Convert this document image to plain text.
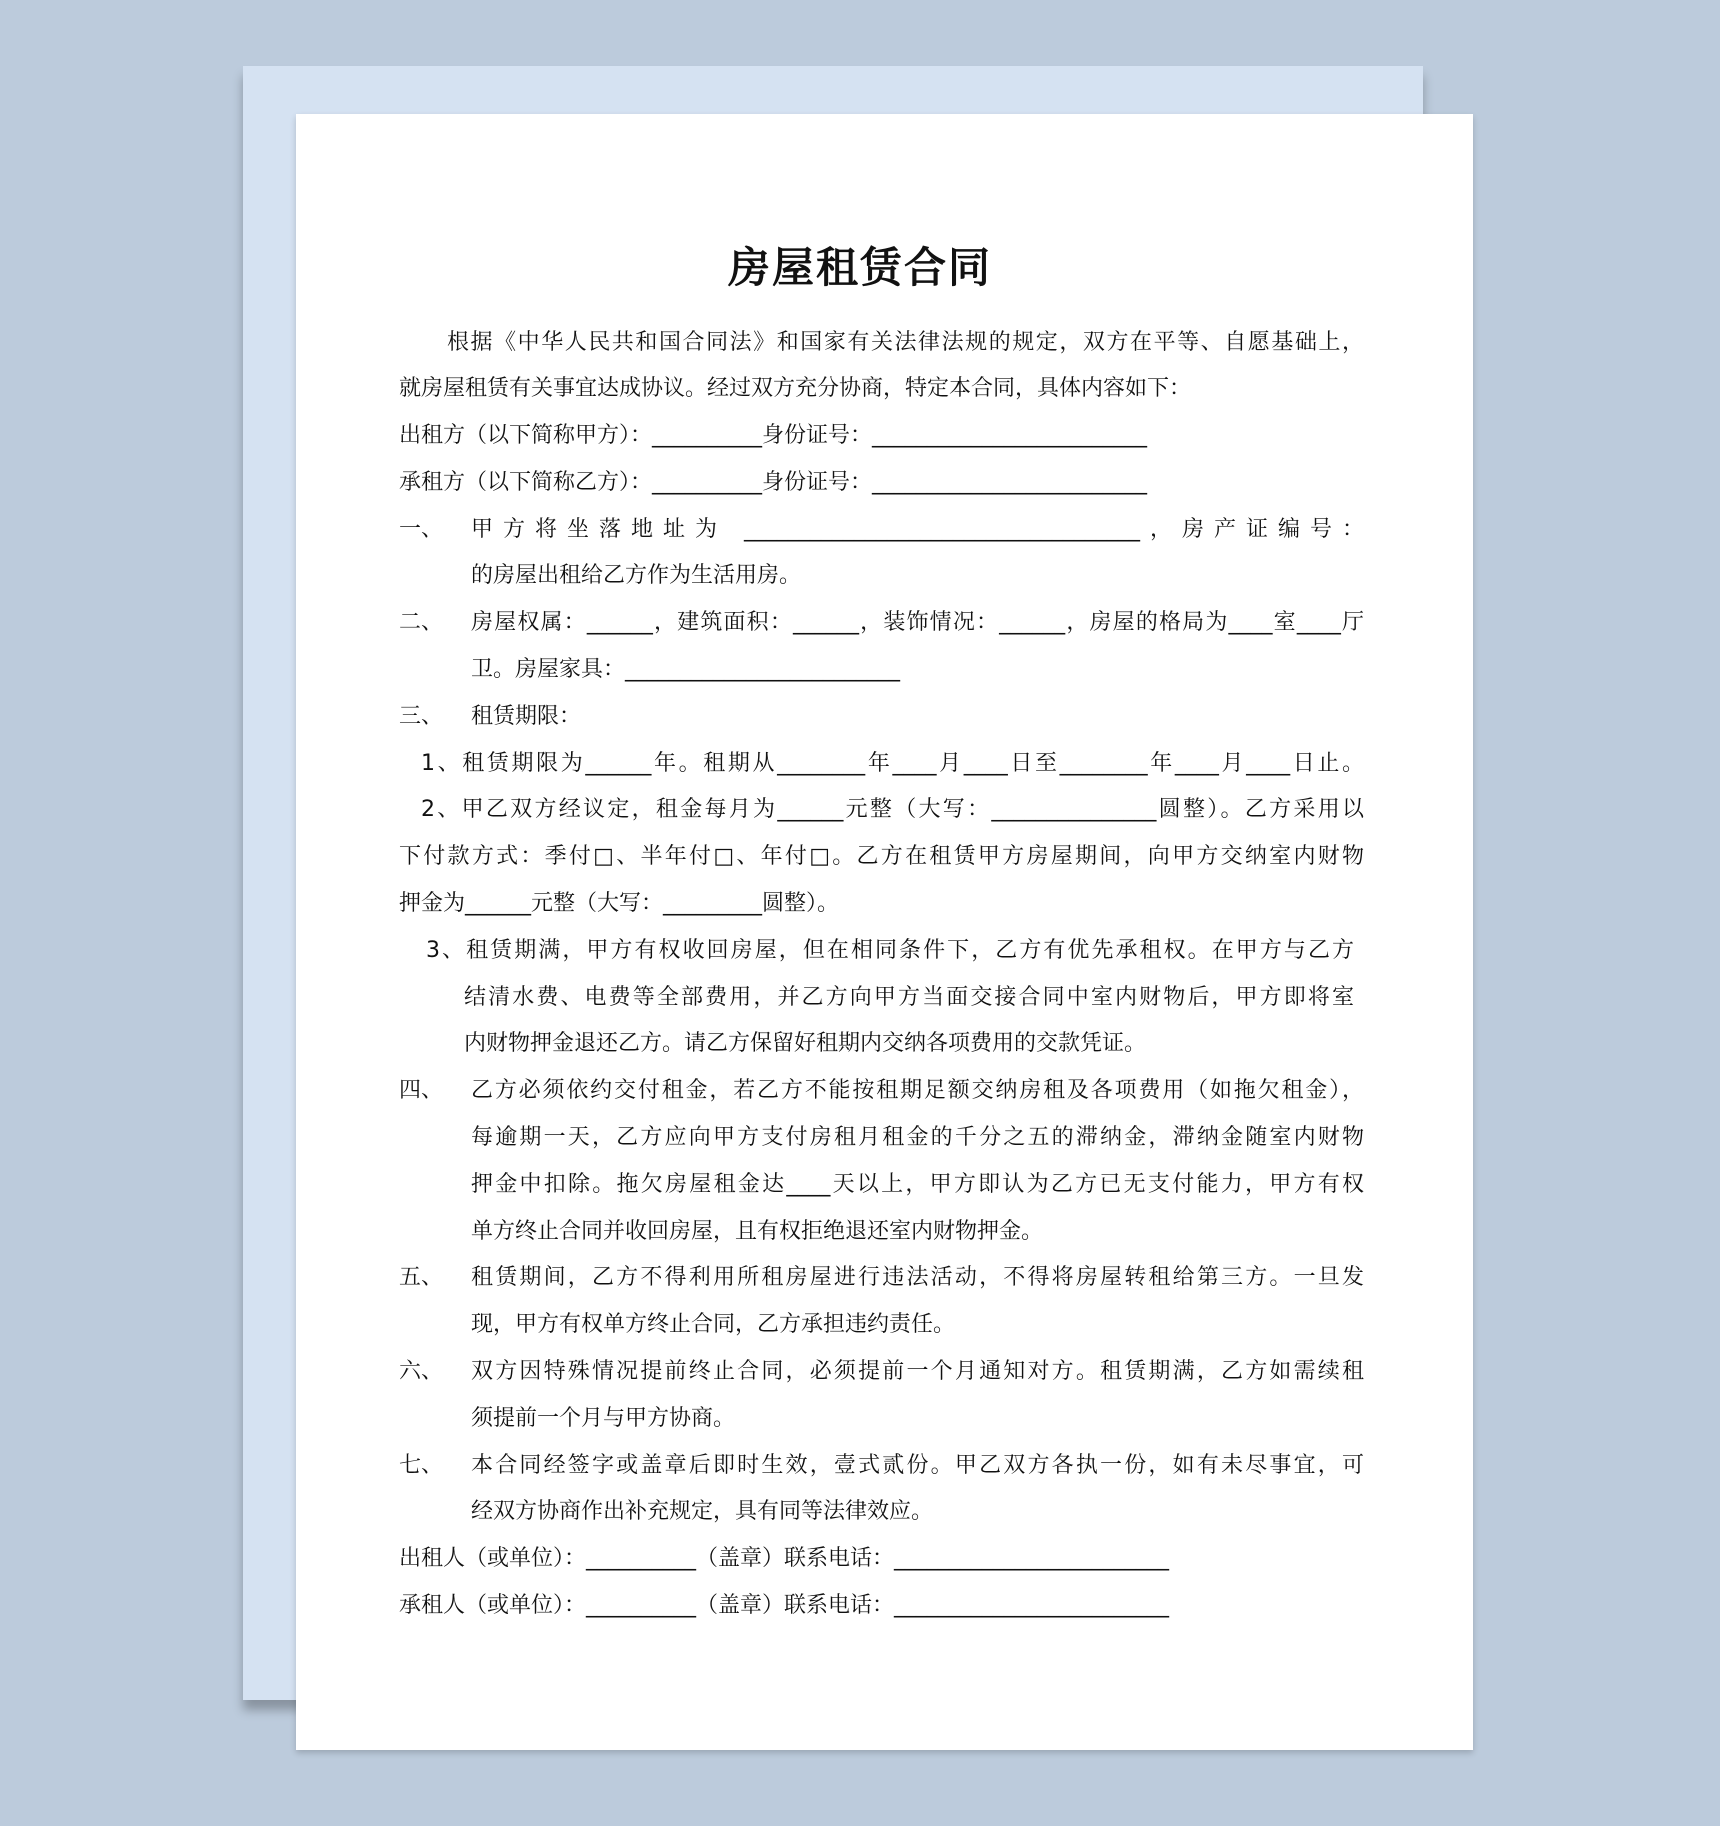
房屋租赁合同
根据《中华人民共和国合同法》和国家有关法律法规的规定，双方在平等、自愿基础上，
就房屋租赁有关事宜达成协议。经过双方充分协商，特定本合同，具体内容如下：
出租方（以下简称甲方）：__________身份证号：_________________________
承租方（以下简称乙方）：__________身份证号：_________________________
一、 甲方将坐落地址为 ____________________________________，房产证编号：
的房屋出租给乙方作为生活用房。
二、 房屋权属：______，建筑面积：______，装饰情况：______，房屋的格局为____室____厅
卫。房屋家具：_________________________
三、 租赁期限：
1、租赁期限为______年。租期从________年____月____日至________年____月____日止。
2、甲乙双方经议定，租金每月为______元整（大写：_______________圆整）。乙方采用以
下付款方式：季付□、半年付□、年付□。乙方在租赁甲方房屋期间，向甲方交纳室内财物
押金为______元整（大写：_________圆整）。
3、租赁期满，甲方有权收回房屋，但在相同条件下，乙方有优先承租权。在甲方与乙方
结清水费、电费等全部费用，并乙方向甲方当面交接合同中室内财物后，甲方即将室
内财物押金退还乙方。请乙方保留好租期内交纳各项费用的交款凭证。
四、 乙方必须依约交付租金，若乙方不能按租期足额交纳房租及各项费用（如拖欠租金），
每逾期一天，乙方应向甲方支付房租月租金的千分之五的滞纳金，滞纳金随室内财物
押金中扣除。拖欠房屋租金达____天以上，甲方即认为乙方已无支付能力，甲方有权
单方终止合同并收回房屋，且有权拒绝退还室内财物押金。
五、 租赁期间，乙方不得利用所租房屋进行违法活动，不得将房屋转租给第三方。一旦发
现，甲方有权单方终止合同，乙方承担违约责任。
六、 双方因特殊情况提前终止合同，必须提前一个月通知对方。租赁期满，乙方如需续租
须提前一个月与甲方协商。
七、 本合同经签字或盖章后即时生效，壹式贰份。甲乙双方各执一份，如有未尽事宜，可
经双方协商作出补充规定，具有同等法律效应。
出租人（或单位）：__________（盖章）联系电话：_________________________
承租人（或单位）：__________（盖章）联系电话：_________________________
